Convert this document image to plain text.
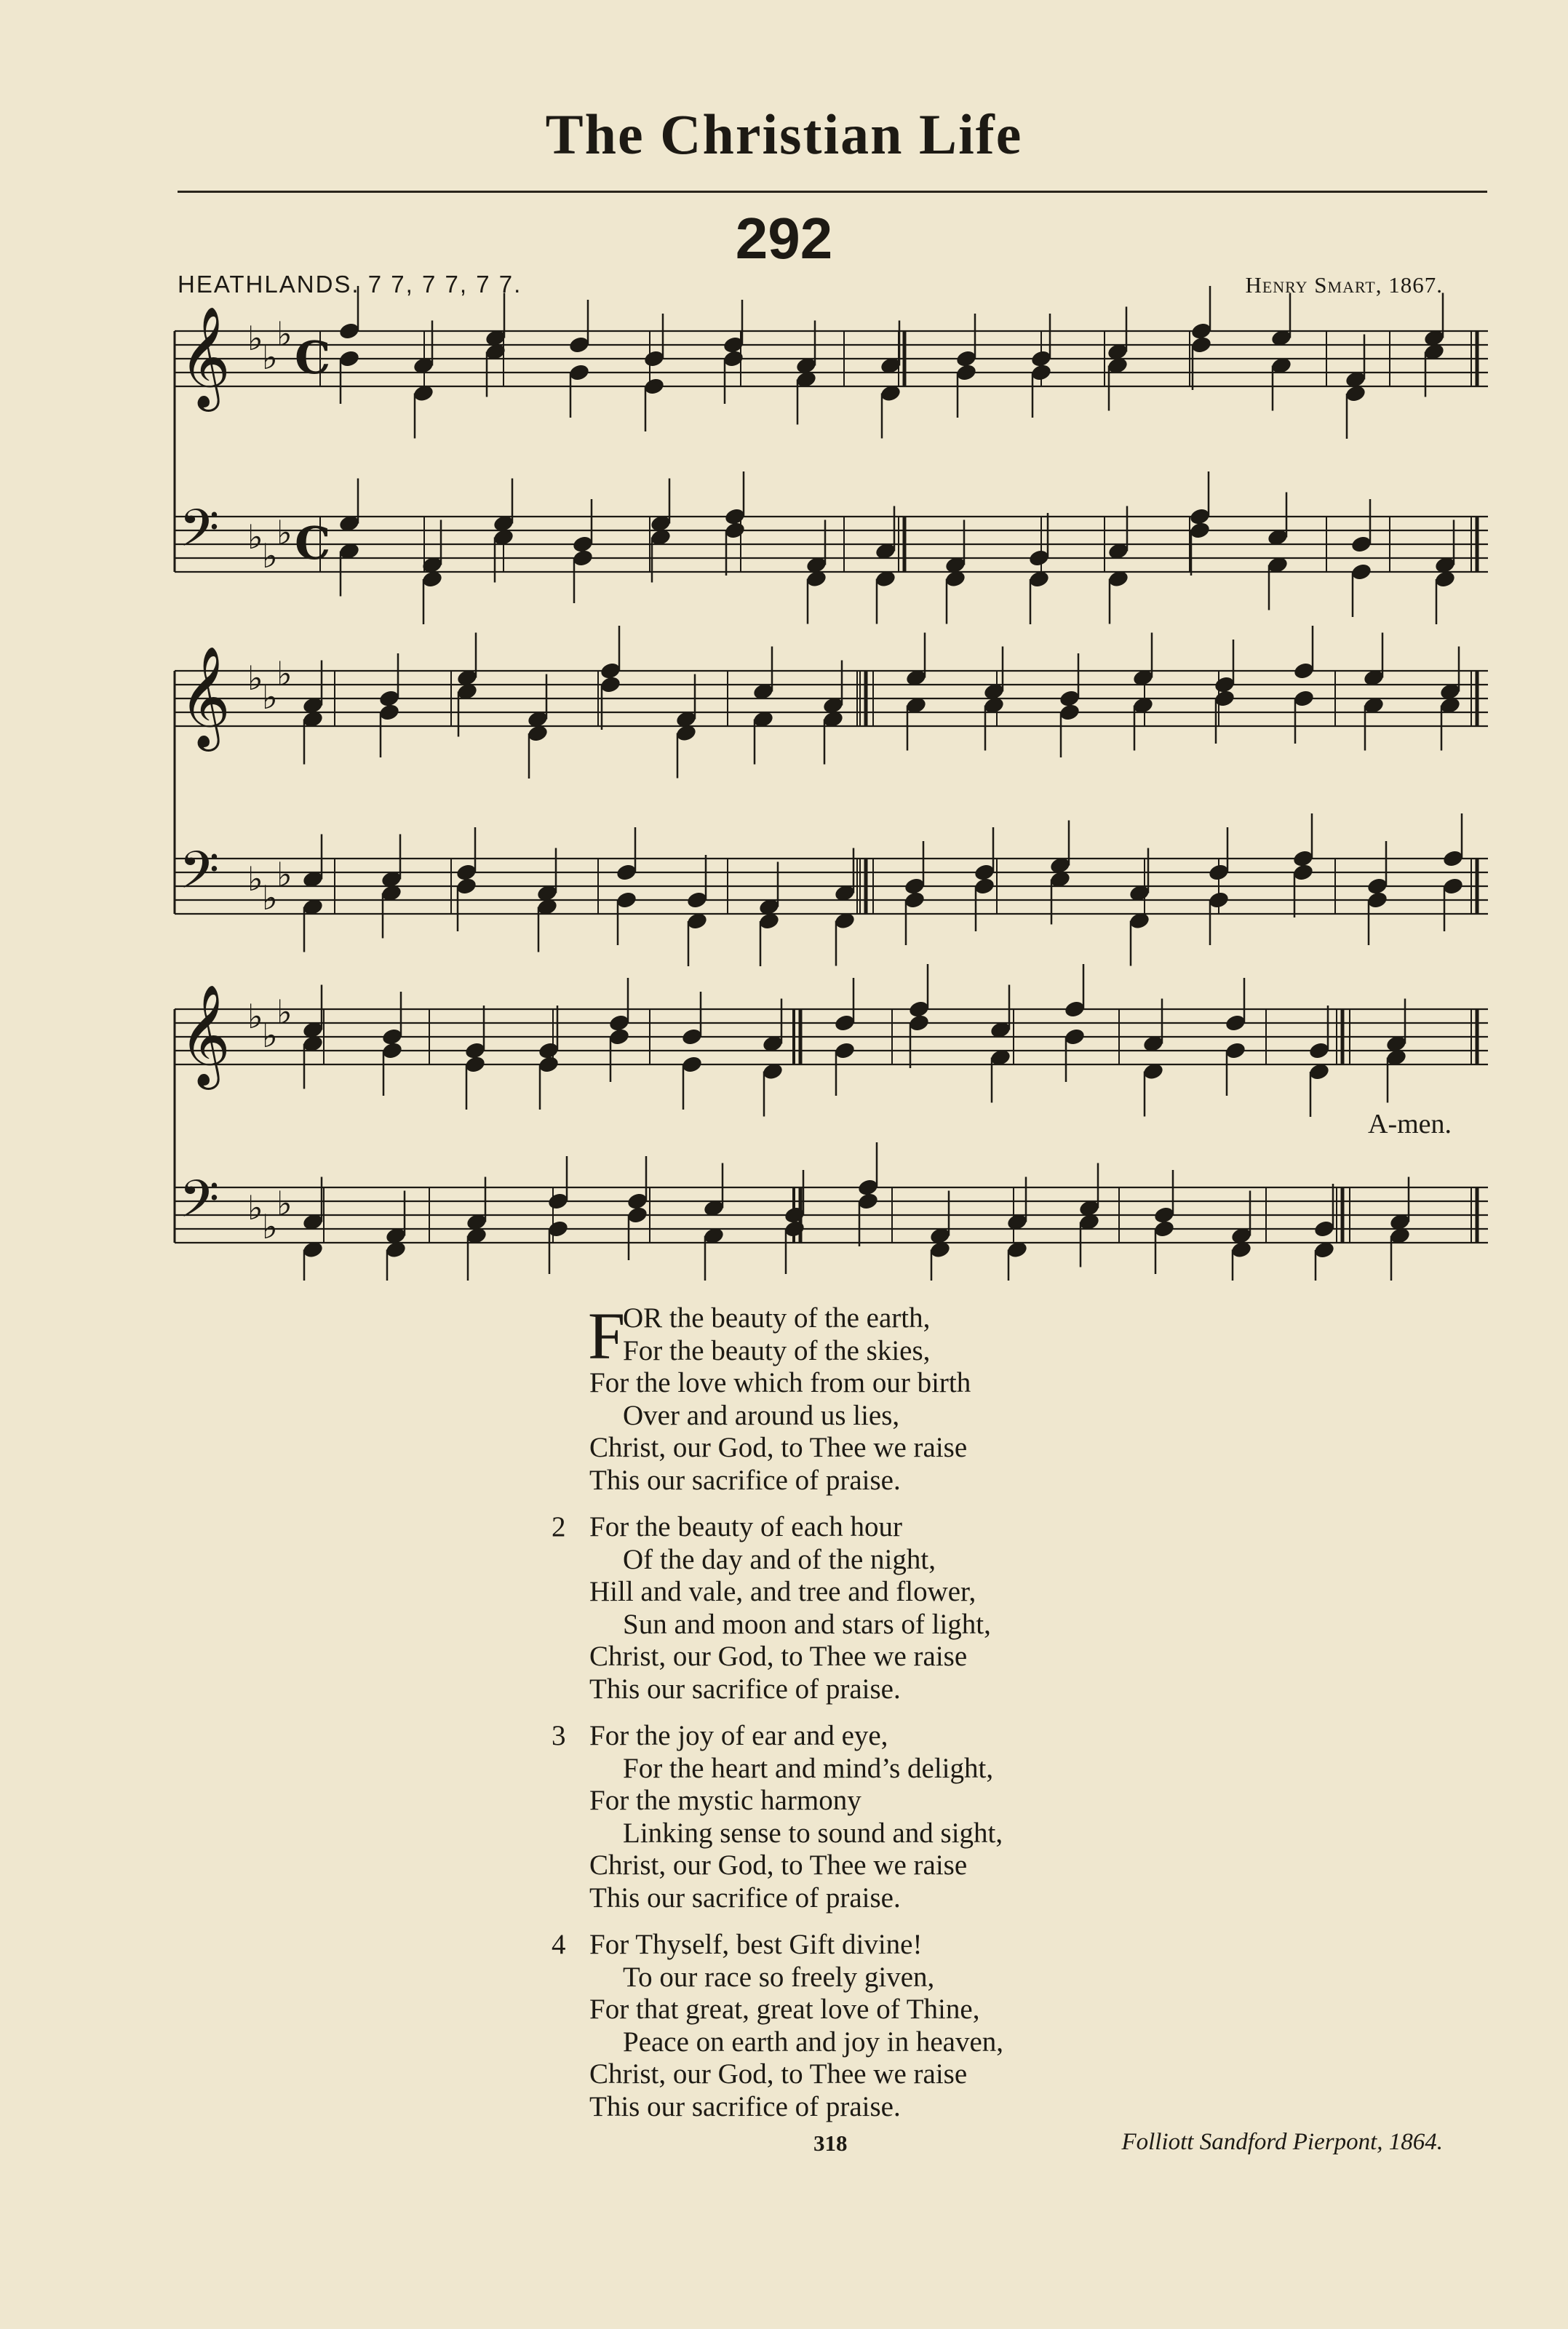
The Christian Life
292
HEATHLANDS. 7 7, 7 7, 7 7.	Henry Smart, 1867.
𝄞 ♭
♭
♭ C
𝄢 ♭
♭
♭ C
𝄞 ♭
♭
♭
𝄢 ♭
♭
♭
𝄞 ♭
♭
♭
𝄢 ♭
♭
♭
A-men.
F
OR the beauty of the earth,
For the beauty of the skies,
For the love which from our birth
Over and around us lies,
Christ, our God, to Thee we raise
This our sacrifice of praise.
2 For the beauty of each hour
Of the day and of the night,
Hill and vale, and tree and flower,
Sun and moon and stars of light,
Christ, our God, to Thee we raise
This our sacrifice of praise.
3 For the joy of ear and eye,
For the heart and mind’s delight,
For the mystic harmony
Linking sense to sound and sight,
Christ, our God, to Thee we raise
This our sacrifice of praise.
4 For Thyself, best Gift divine!
To our race so freely given,
For that great, great love of Thine,
Peace on earth and joy in heaven,
Christ, our God, to Thee we raise
This our sacrifice of praise.
318	Folliott Sandford Pierpont, 1864.
